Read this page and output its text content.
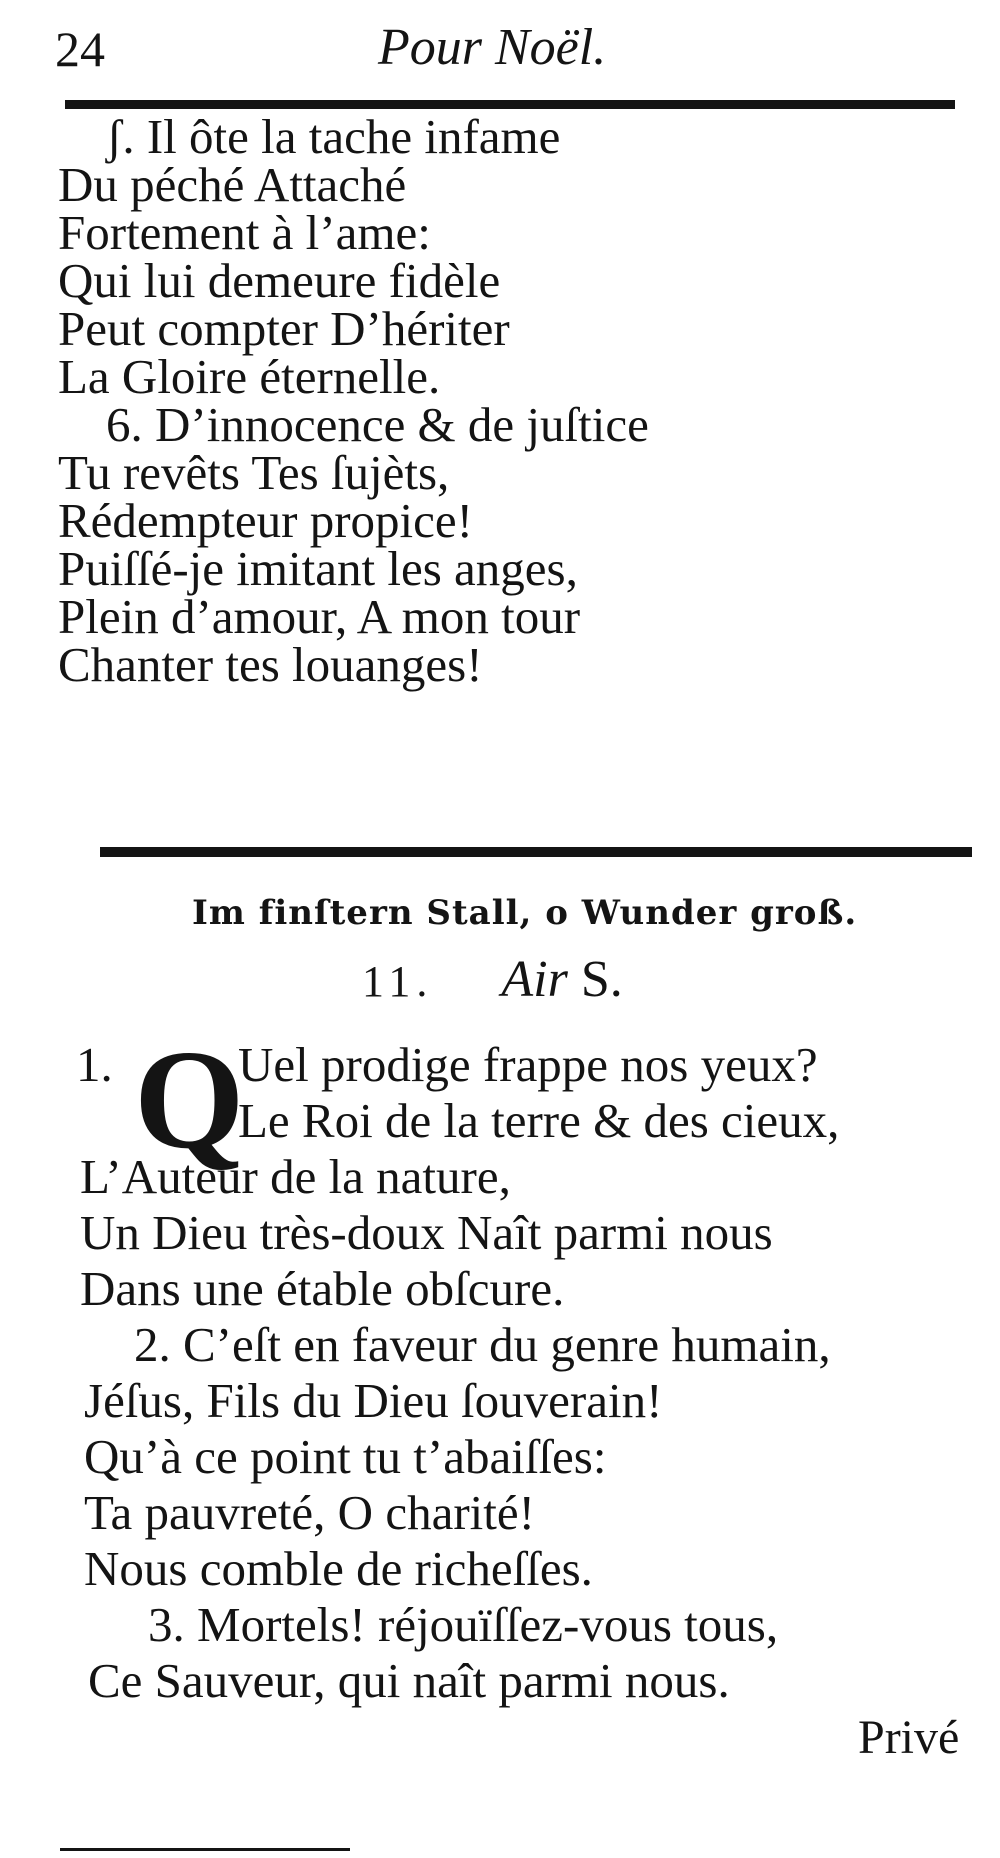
24	Pour Noël.
ʃ. Il ôte la tache infame
Du péché Attaché
Fortement à l’ame:
Qui lui demeure fidèle
Peut compter D’hériter
La Gloire éternelle.
6. D’innocence & de juſtice
Tu revêts Tes ſujèts,
Rédempteur propice!
Puiſſé-je imitant les anges,
Plein d’amour, A mon tour
Chanter tes louanges!
Im finſtern Stall, o Wunder groß.
11. Air S.
1. Q
Uel prodige frappe nos yeux?
Le Roi de la terre & des cieux,
L’Auteur de la nature,
Un Dieu très-doux Naît parmi nous
Dans une étable obſcure.
2. C’eſt en faveur du genre humain,
Jéſus, Fils du Dieu ſouverain!
Qu’à ce point tu t’abaiſſes:
Ta pauvreté, O charité!
Nous comble de richeſſes.
3. Mortels! réjouïſſez-vous tous,
Ce Sauveur, qui naît parmi nous.
Privé
